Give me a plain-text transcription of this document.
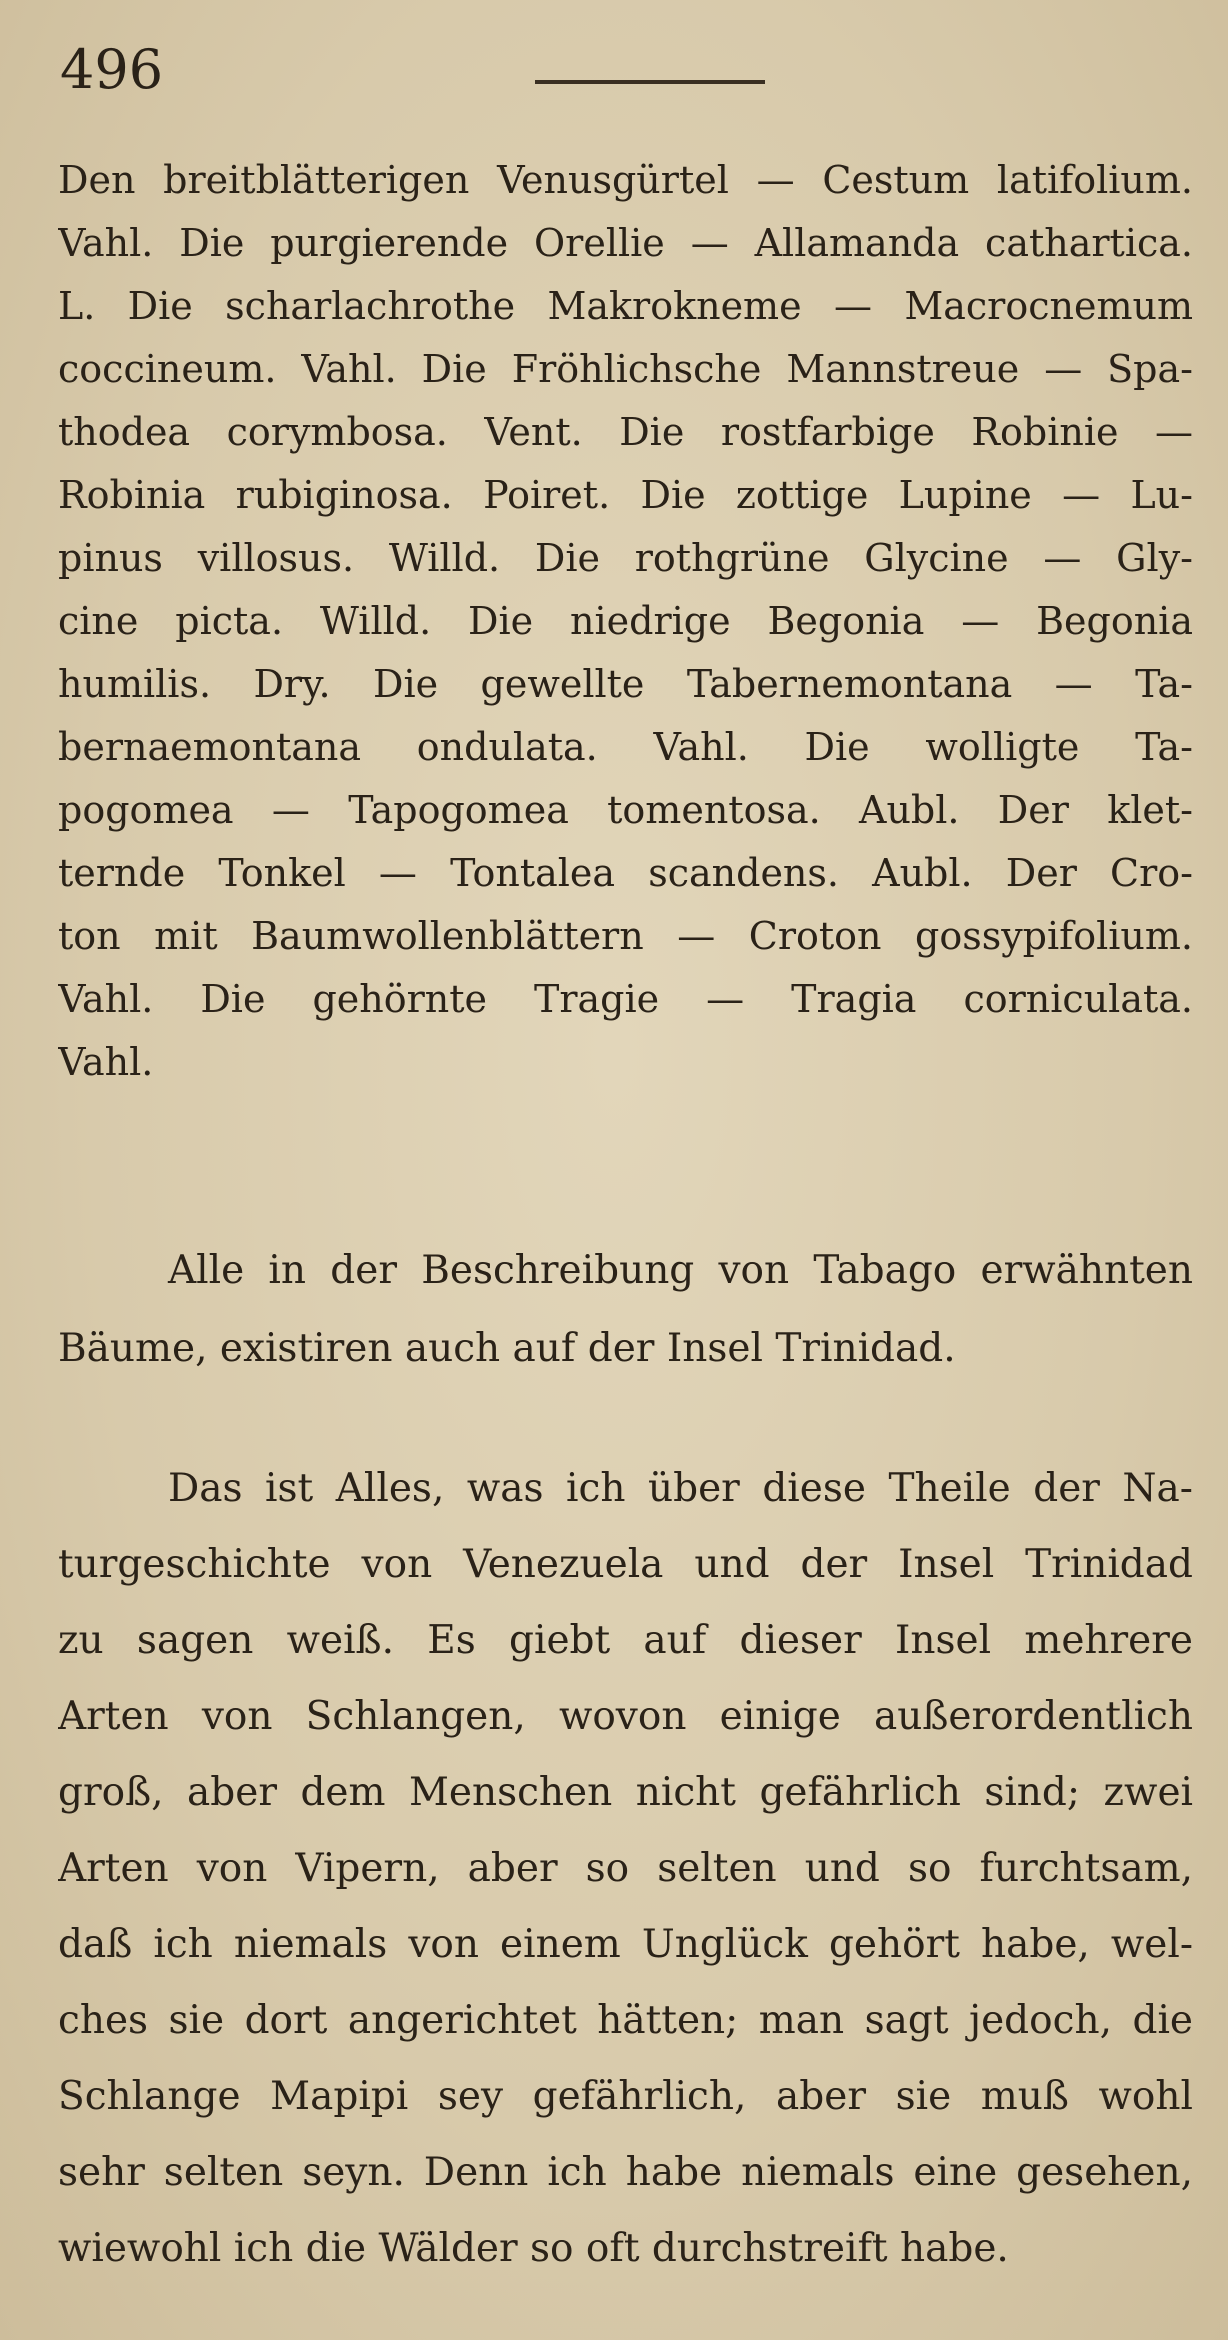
496

Den breitblätterigen Venusgürtel — Cestum latifolium.

Vahl. Die purgierende Orellie — Allamanda cathartica.

L. Die scharlachrothe Makrokneme — Macrocnemum

coccineum. Vahl. Die Fröhlichsche Mannstreue — Spa-

thodea corymbosa. Vent. Die rostfarbige Robinie —

Robinia rubiginosa. Poiret. Die zottige Lupine — Lu-

pinus villosus. Willd. Die rothgrüne Glycine — Gly-

cine picta. Willd. Die niedrige Begonia — Begonia

humilis. Dry. Die gewellte Tabernemontana — Ta-

bernaemontana ondulata. Vahl. Die wolligte Ta-

pogomea — Tapogomea tomentosa. Aubl. Der klet-

ternde Tonkel — Tontalea scandens. Aubl. Der Cro-

ton mit Baumwollenblättern — Croton gossypifolium.

Vahl. Die gehörnte Tragie — Tragia corniculata.

Vahl.

Alle in der Beschreibung von Tabago erwähnten

Bäume, existiren auch auf der Insel Trinidad.

Das ist Alles, was ich über diese Theile der Na-

turgeschichte von Venezuela und der Insel Trinidad

zu sagen weiß. Es giebt auf dieser Insel mehrere

Arten von Schlangen, wovon einige außerordentlich

groß, aber dem Menschen nicht gefährlich sind; zwei

Arten von Vipern, aber so selten und so furchtsam,

daß ich niemals von einem Unglück gehört habe, wel-

ches sie dort angerichtet hätten; man sagt jedoch, die

Schlange Mapipi sey gefährlich, aber sie muß wohl

sehr selten seyn. Denn ich habe niemals eine gesehen,

wiewohl ich die Wälder so oft durchstreift habe.
